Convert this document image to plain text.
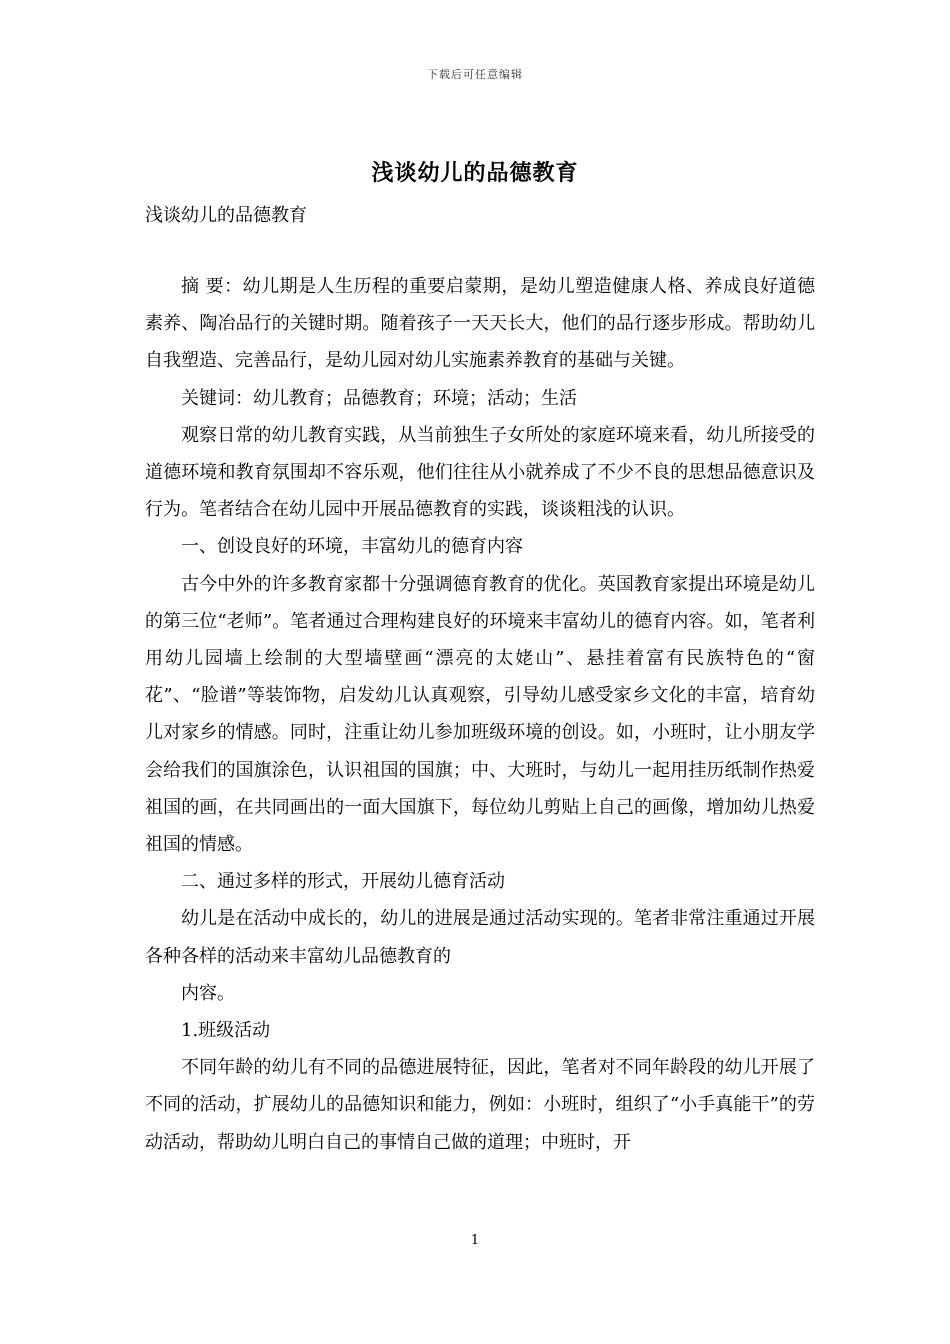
下载后可任意编辑
浅谈幼儿的品德教育
浅谈幼儿的品德教育

摘 要：幼儿期是人生历程的重要启蒙期，是幼儿塑造健康人格、养成良好道德素养、陶冶品行的关键时期。随着孩子一天天长大，他们的品行逐步形成。帮助幼儿自我塑造、完善品行，是幼儿园对幼儿实施素养教育的基础与关键。

关键词：幼儿教育；品德教育；环境；活动；生活

观察日常的幼儿教育实践，从当前独生子女所处的家庭环境来看，幼儿所接受的道德环境和教育氛围却不容乐观，他们往往从小就养成了不少不良的思想品德意识及行为。笔者结合在幼儿园中开展品德教育的实践，谈谈粗浅的认识。

一、创设良好的环境，丰富幼儿的德育内容

古今中外的许多教育家都十分强调德育教育的优化。英国教育家提出环境是幼儿的第三位“老师”。笔者通过合理构建良好的环境来丰富幼儿的德育内容。如，笔者利用幼儿园墙上绘制的大型墙壁画“漂亮的太姥山”、悬挂着富有民族特色的“窗花”、“脸谱”等装饰物，启发幼儿认真观察，引导幼儿感受家乡文化的丰富，培育幼儿对家乡的情感。同时，注重让幼儿参加班级环境的创设。如，小班时，让小朋友学会给我们的国旗涂色，认识祖国的国旗；中、大班时，与幼儿一起用挂历纸制作热爱祖国的画，在共同画出的一面大国旗下，每位幼儿剪贴上自己的画像，增加幼儿热爱祖国的情感。

二、通过多样的形式，开展幼儿德育活动

幼儿是在活动中成长的，幼儿的进展是通过活动实现的。笔者非常注重通过开展各种各样的活动来丰富幼儿品德教育的

内容。

1.班级活动

不同年龄的幼儿有不同的品德进展特征，因此，笔者对不同年龄段的幼儿开展了不同的活动，扩展幼儿的品德知识和能力，例如：小班时，组织了“小手真能干”的劳动活动，帮助幼儿明白自己的事情自己做的道理；中班时，开

1
